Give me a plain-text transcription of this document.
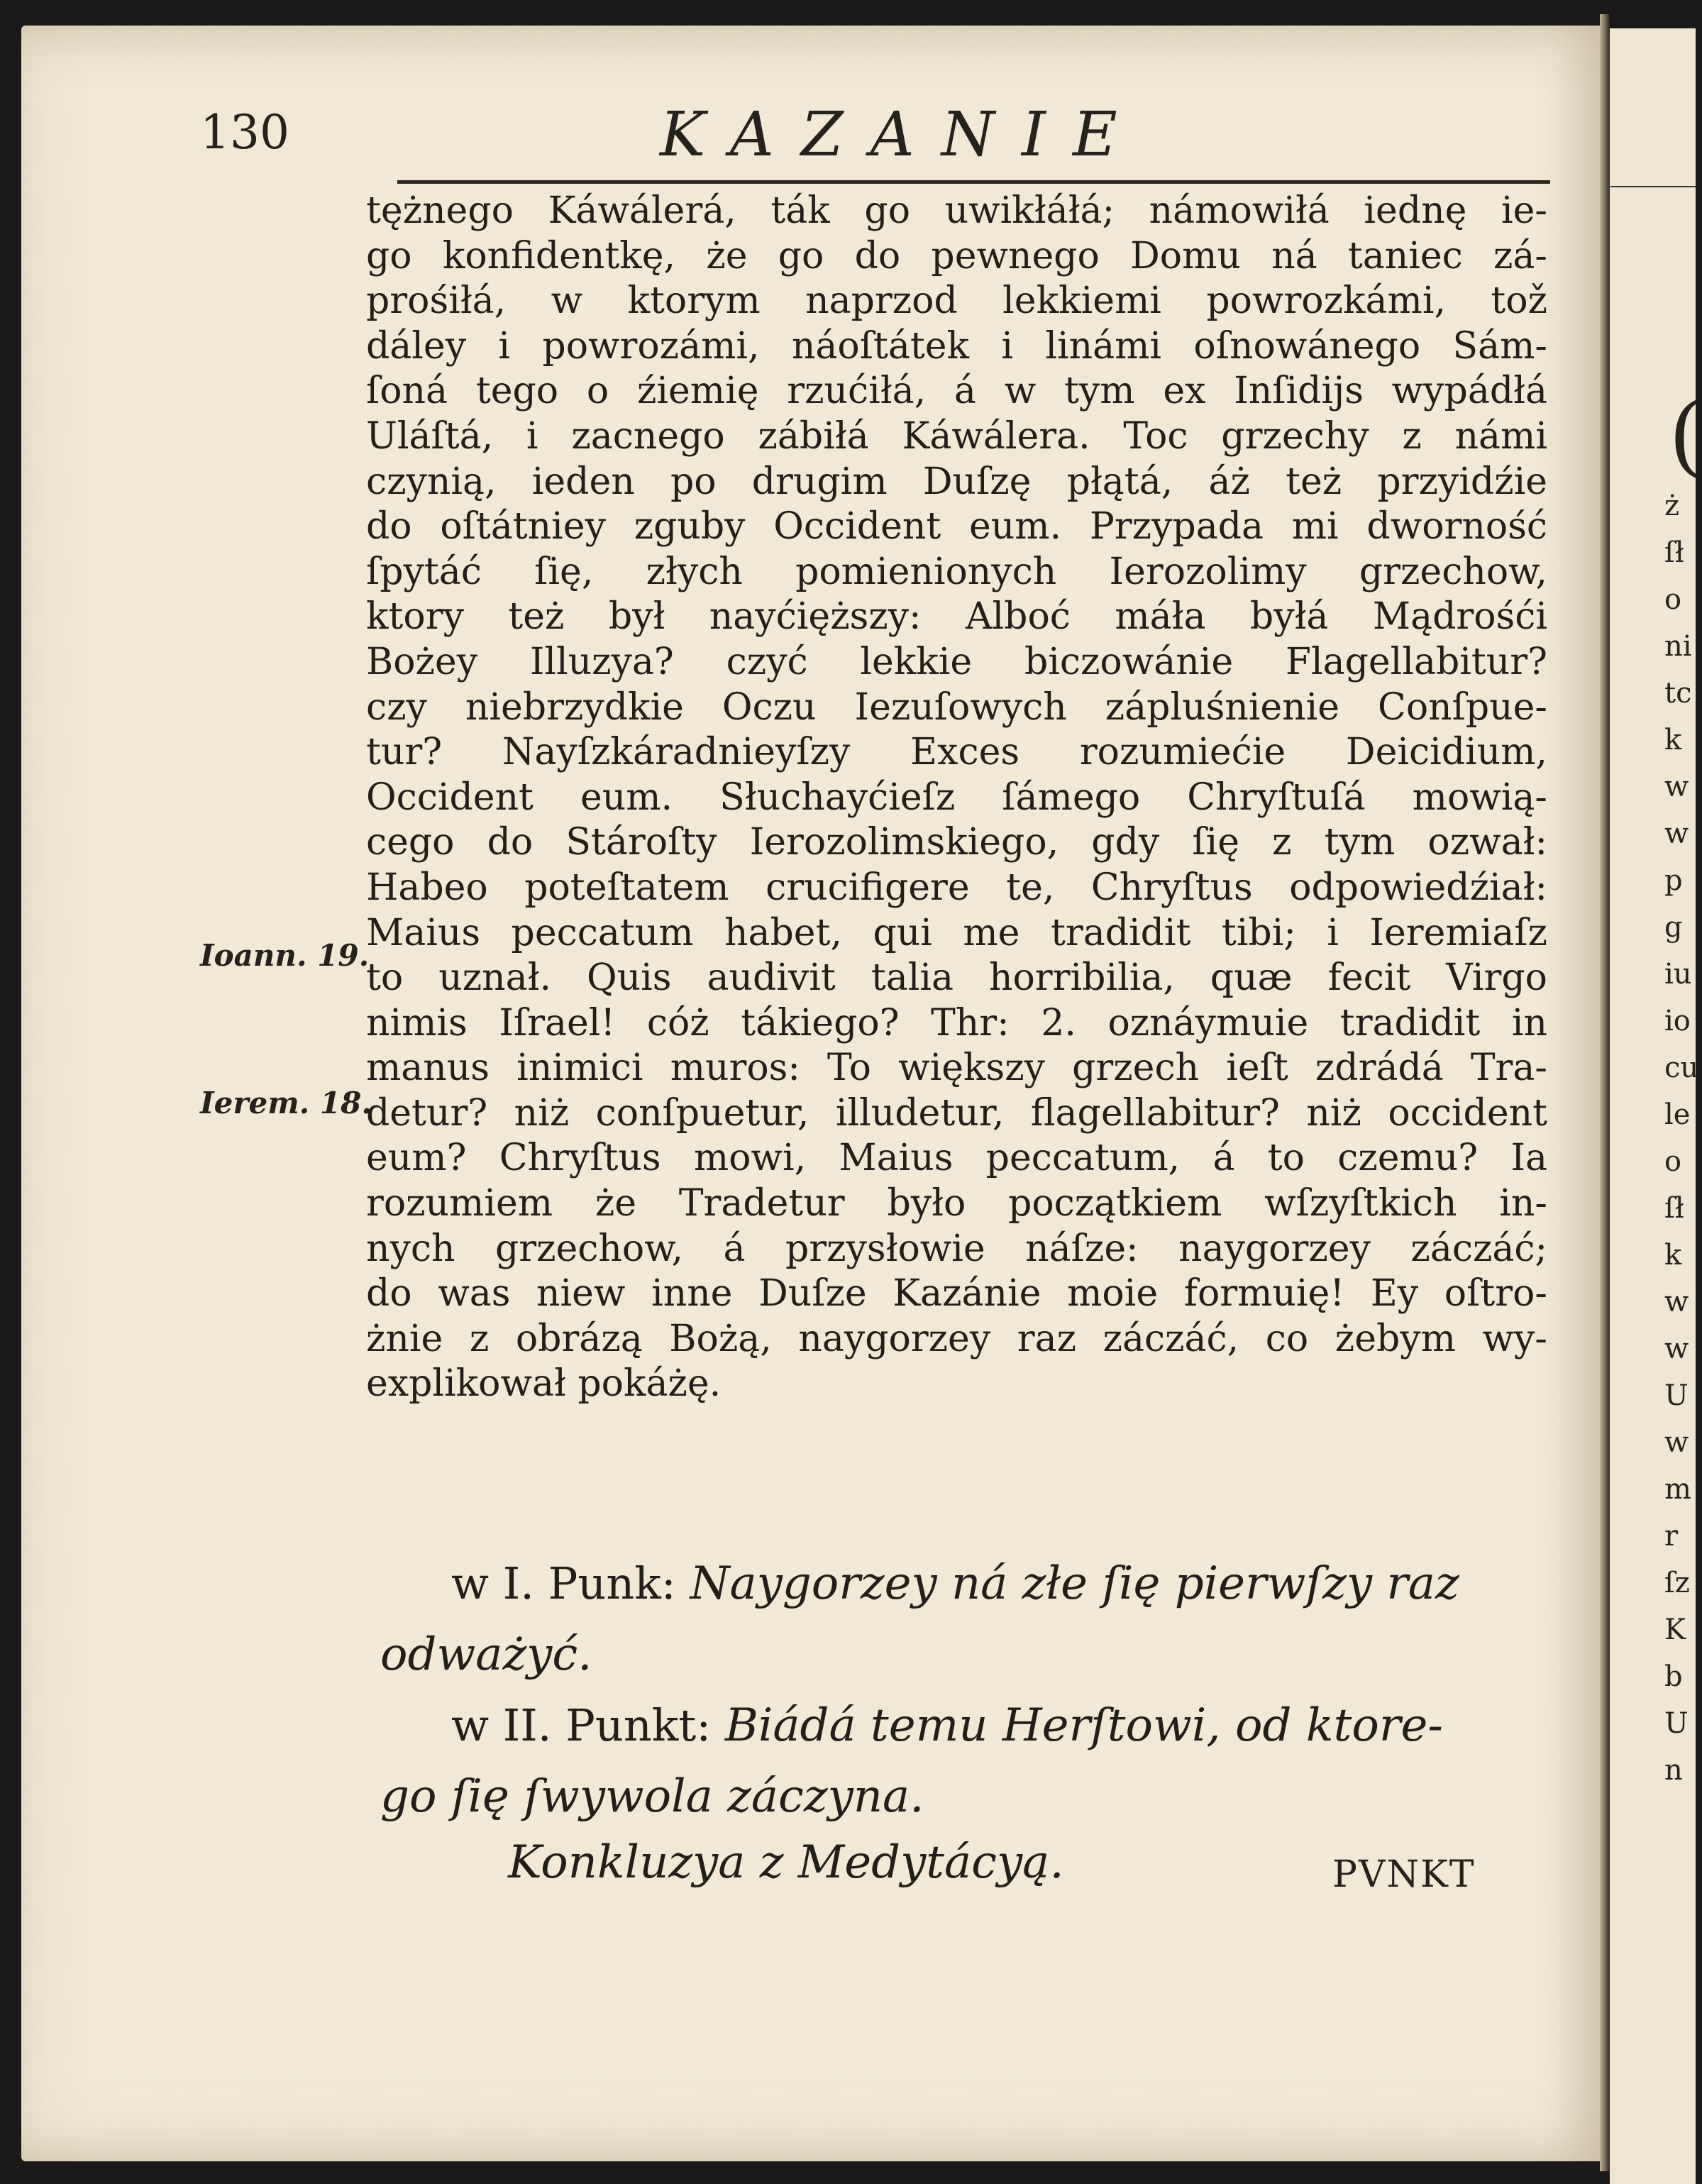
(
ż
ſł
o
ni
tc
k
w
w
p
g
iu
io
cu
le
o
ſł
k
w
w
U
w
m
r
ſz
K
b
U
n
130	KAZANIE
Ioann. 19.
Ierem. 18.
tężnego Káwálerá, ták go uwikłáłá; námowiłá iednę ie-
go konfidentkę, że go do pewnego Domu ná taniec zá-
prośiłá, w ktorym naprzod lekkiemi powrozkámi, tož
dáley i powrozámi, náoſtátek i linámi oſnowánego Sám-
ſoná tego o źiemię rzućiłá, á w tym ex Inſidijs wypádłá
Uláſtá, i zacnego zábiłá Káwálera. Toc grzechy z námi
czynią, ieden po drugim Duſzę płątá, áż też przyidźie
do oſtátniey zguby Occident eum. Przypada mi dworność
ſpytáć ſię, złych pomienionych Ierozolimy grzechow,
ktory też był nayćięższy: Alboć máła byłá Mądrośći
Bożey Illuzya? czyć lekkie biczowánie Flagellabitur?
czy niebrzydkie Oczu Iezuſowych zápluśnienie Conſpue-
tur? Nayſzkáradnieyſzy Exces rozumiećie Deicidium,
Occident eum. Słuchayćieſz ſámego Chryſtuſá mowią-
cego do Stároſty Ierozolimskiego, gdy ſię z tym ozwał:
Habeo poteſtatem crucifigere te, Chryſtus odpowiedźiał:
Maius peccatum habet, qui me tradidit tibi; i Ieremiaſz
to uznał. Quis audivit talia horribilia, quæ fecit Virgo
nimis Iſrael! cóż tákiego? Thr: 2. oznáymuie tradidit in
manus inimici muros: To większy grzech ieſt zdrádá Tra-
detur? niż conſpuetur, illudetur, flagellabitur? niż occident
eum? Chryſtus mowi, Maius peccatum, á to czemu? Ia
rozumiem że Tradetur było początkiem wſzyſtkich in-
nych grzechow, á przysłowie náſze: naygorzey záczáć;
do was niew inne Duſze Kazánie moie formuię! Ey oſtro-
żnie z obrázą Bożą, naygorzey raz záczáć, co żebym wy-
explikował pokáżę.
w I. Punk: Naygorzey ná złe ſię pierwſzy raz
odważyć.
w II. Punkt: Biádá temu Herſtowi, od ktore-
go ſię ſwywola záczyna.
Konkluzya z Medytácyą.	PVNKT
